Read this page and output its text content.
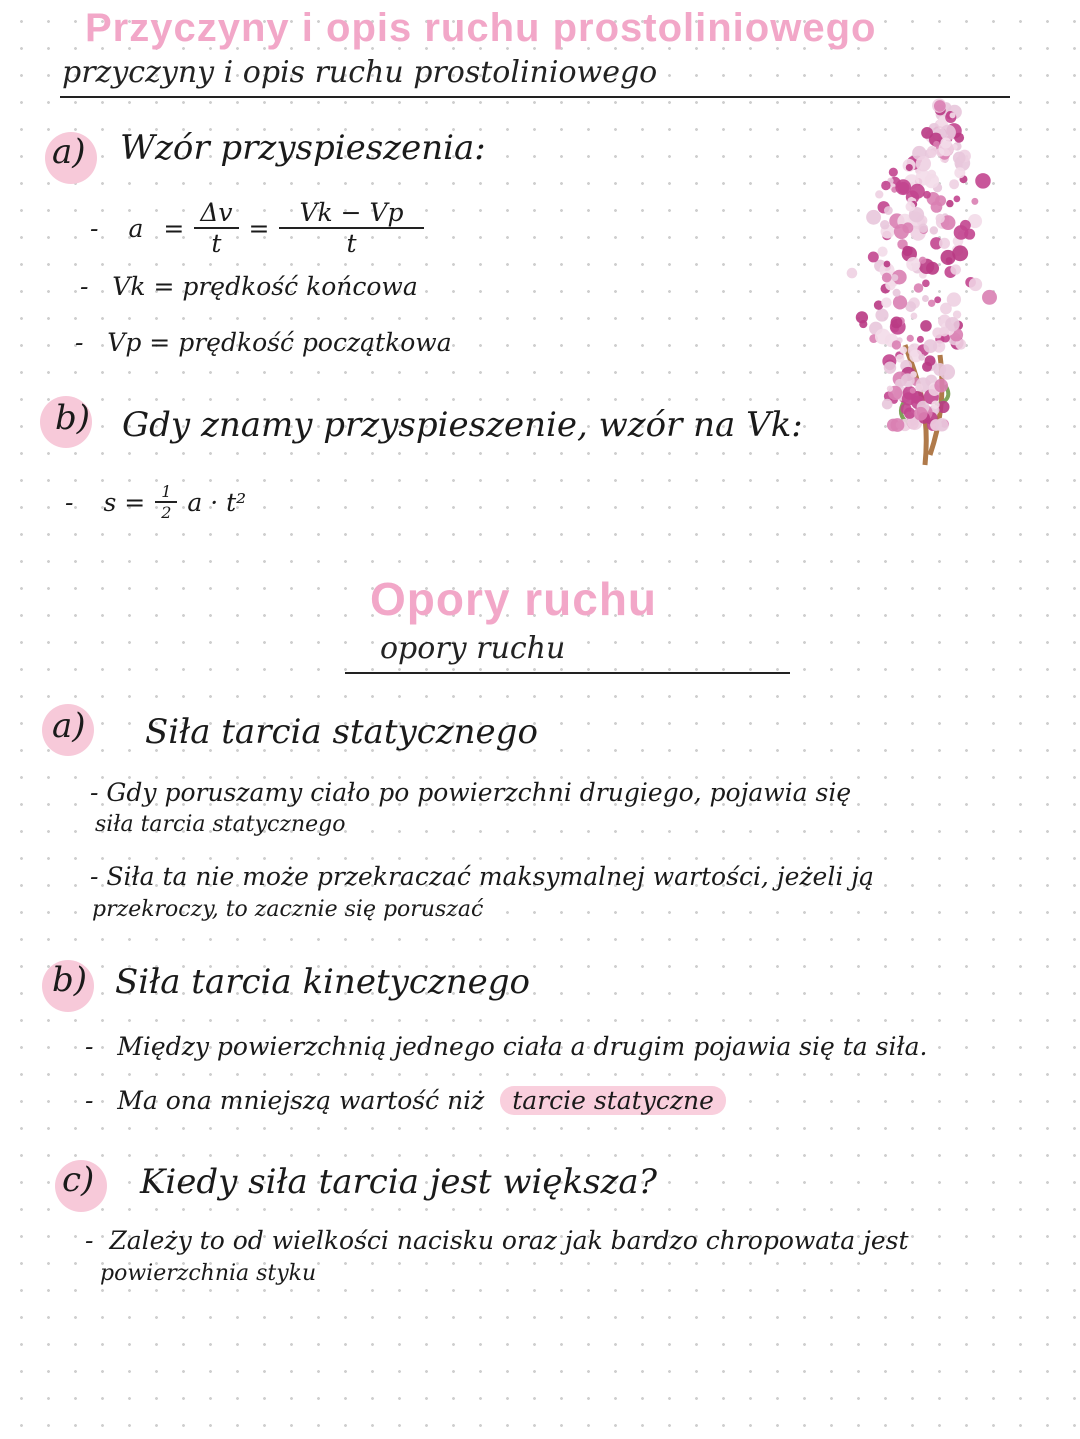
Przyczyny i opis ruchu prostoliniowego
przyczyny i opis ruchu prostoliniowego
a) Wzór przyspieszenia:
- $a = \frac{\Delta v}{t} = \frac{Vk - Vp}{t}$
- Vk = prędkość końcowa
- Vp = prędkość początkowa
b) Gdy znamy przyspieszenie, wzór na Vk:
- $s = \frac{1}{2}$ a · t²
Opory ruchu
opory ruchu
a) Siła tarcia statycznego
- Gdy poruszamy ciało po powierzchni drugiego, pojawia się
siła tarcia statycznego
- Siła ta nie może przekraczać maksymalnej wartości, jeżeli ją
przekroczy, to zacznie się poruszać
b) Siła tarcia kinetycznego
- Między powierzchnią jednego ciała a drugim pojawia się ta siła.
- Ma ona mniejszą wartość niż tarcie statyczne
c) Kiedy siła tarcia jest większa?
- Zależy to od wielkości nacisku oraz jak bardzo chropowata jest
powierzchnia styku
